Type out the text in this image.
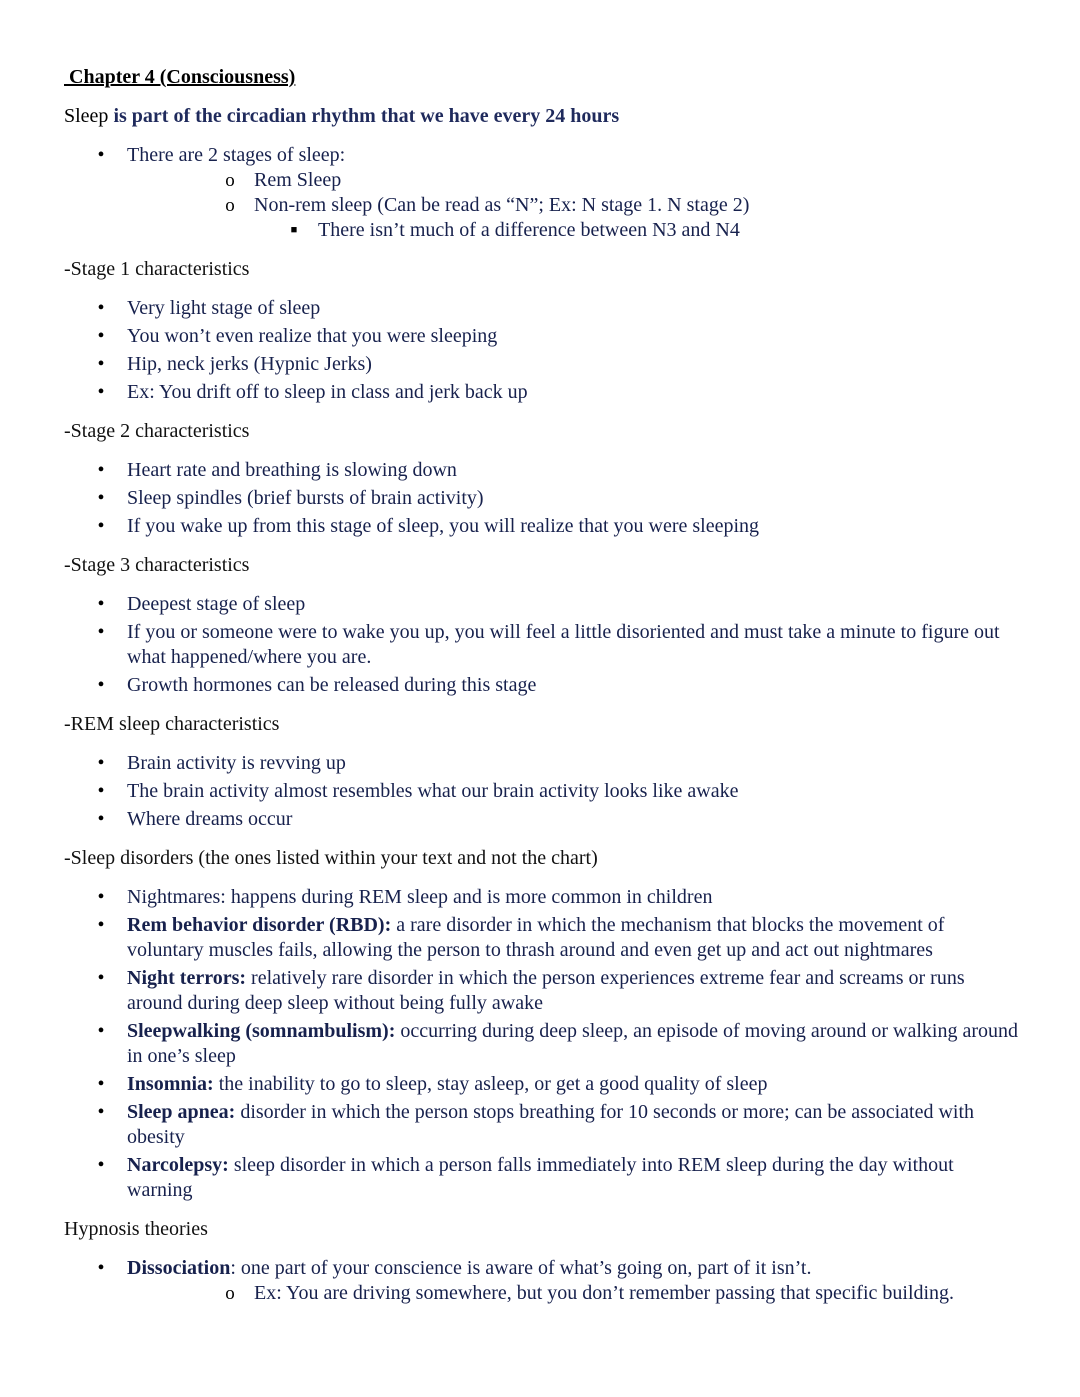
Chapter 4 (Consciousness)
Sleep is part of the circadian rhythm that we have every 24 hours
• There are 2 stages of sleep:
o Rem Sleep
o Non-rem sleep (Can be read as “N”; Ex: N stage 1. N stage 2)
■ There isn’t much of a difference between N3 and N4
-Stage 1 characteristics
• Very light stage of sleep
• You won’t even realize that you were sleeping
• Hip, neck jerks (Hypnic Jerks)
• Ex: You drift off to sleep in class and jerk back up
-Stage 2 characteristics
• Heart rate and breathing is slowing down
• Sleep spindles (brief bursts of brain activity)
• If you wake up from this stage of sleep, you will realize that you were sleeping
-Stage 3 characteristics
• Deepest stage of sleep
• If you or someone were to wake you up, you will feel a little disoriented and must take a minute to figure out what happened/where you are.
• Growth hormones can be released during this stage
-REM sleep characteristics
• Brain activity is revving up
• The brain activity almost resembles what our brain activity looks like awake
• Where dreams occur
-Sleep disorders (the ones listed within your text and not the chart)
• Nightmares: happens during REM sleep and is more common in children
• Rem behavior disorder (RBD): a rare disorder in which the mechanism that blocks the movement of voluntary muscles fails, allowing the person to thrash around and even get up and act out nightmares
• Night terrors: relatively rare disorder in which the person experiences extreme fear and screams or runs around during deep sleep without being fully awake
• Sleepwalking (somnambulism): occurring during deep sleep, an episode of moving around or walking around in one’s sleep
• Insomnia: the inability to go to sleep, stay asleep, or get a good quality of sleep
• Sleep apnea: disorder in which the person stops breathing for 10 seconds or more; can be associated with obesity
• Narcolepsy: sleep disorder in which a person falls immediately into REM sleep during the day without warning
Hypnosis theories
• Dissociation: one part of your conscience is aware of what’s going on, part of it isn’t.
o Ex: You are driving somewhere, but you don’t remember passing that specific building.
